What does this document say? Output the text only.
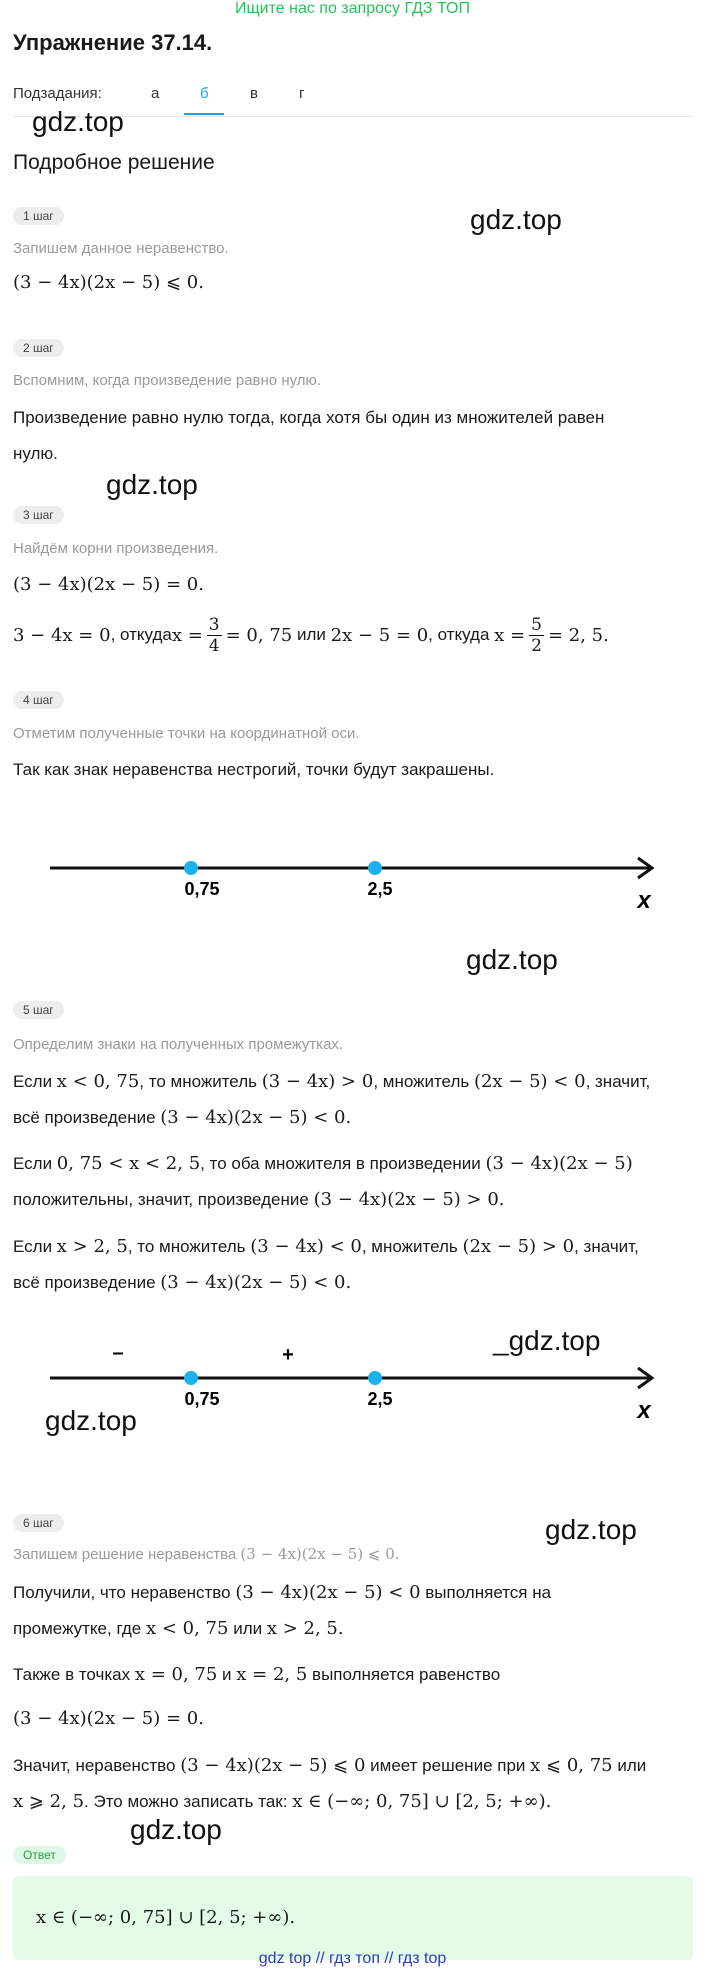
Ищите нас по запросу ГДЗ ТОП
Упражнение 37.14.
Подзадания:	а	б	в	г
gdz.top
Подробное решение
1 шаг	gdz.top
Запишем данное неравенство.
(3 − 4x)(2x − 5) ⩽ 0.
2 шаг
Вспомним, когда произведение равно нулю.
Произведение равно нулю тогда, когда хотя бы один из множителей равен
нулю.
gdz.top
3 шаг
Найдём корни произведения.
(3 − 4x)(2x − 5) = 0.
3 − 4x = 0 , откуда $x = \frac{3}{4} = 0$, 75 или 2x − 5 = 0 , откуда $x = \frac{5}{2} = 2$, 5.
4 шаг
Отметим полученные точки на координатной оси.
Так как знак неравенства нестрогий, точки будут закрашены.
0,75	2,5	x
gdz.top
5 шаг
Определим знаки на полученных промежутках.
Если x < 0, 75, то множитель (3 − 4x) > 0, множитель (2x − 5) < 0, значит,
всё произведение (3 − 4x)(2x − 5) < 0.
Если 0, 75 < x < 2, 5, то оба множителя в произведении (3 − 4x)(2x − 5)
положительны, значит, произведение (3 − 4x)(2x − 5) > 0.
Если x > 2, 5, то множитель (3 − 4x) < 0, множитель (2x − 5) > 0, значит,
всё произведение (3 − 4x)(2x − 5) < 0.
–	+
0,75	2,5	x
_gdz.top
gdz.top
6 шаг	gdz.top
Запишем решение неравенства (3 − 4x)(2x − 5) ⩽ 0.
Получили, что неравенство (3 − 4x)(2x − 5) < 0 выполняется на
промежутке, где x < 0, 75 или x > 2, 5.
Также в точках x = 0, 75 и x = 2, 5 выполняется равенство
(3 − 4x)(2x − 5) = 0.
Значит, неравенство (3 − 4x)(2x − 5) ⩽ 0 имеет решение при x ⩽ 0, 75 или
x ⩾ 2, 5. Это можно записать так: x ∈ (−∞; 0, 75] ∪ [2, 5; +∞).
gdz.top
Ответ
x ∈ (−∞; 0, 75] ∪ [2, 5; +∞).
gdz top // гдз топ // гдз top
